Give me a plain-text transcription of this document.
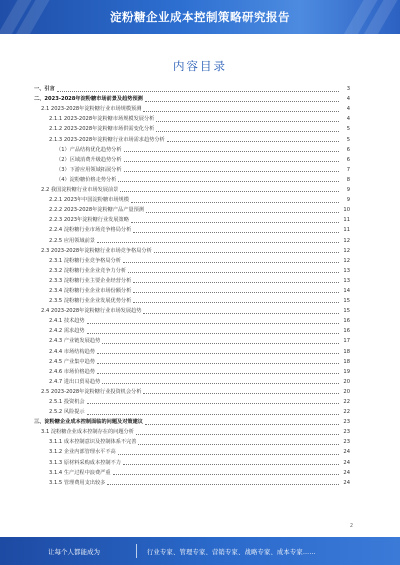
淀粉糖企业成本控制策略研究报告
内容目录
一、引言	3
二、2023-2028年淀粉糖市场前景及趋势预测	4
2.1 2023-2028年淀粉糖行业市场规模预测	4
2.1.1 2023-2028年淀粉糖市场规模发展分析	4
2.1.2 2023-2028年淀粉糖市场供需变化分析	5
2.1.3 2023-2028年淀粉糖行业市场需求趋势分析	5
（1）产品结构优化趋势分析	6
（2）区域消费升级趋势分析	6
（3）下游应用领域拓展分析	7
（4）淀粉糖价格走势分析	8
2.2 我国淀粉糖行业市场发展前景	9
2.2.1 2023年中国淀粉糖市场规模	9
2.2.2 2023-2028年淀粉糖产品产量预测	10
2.2.3 2023年淀粉糖行业发展策略	11
2.2.4 淀粉糖行业市场竞争格局分析	11
2.2.5 应用领域前景	12
2.3 2023-2028年淀粉糖行业市场竞争格局分析	12
2.3.1 淀粉糖行业竞争格局分析	12
2.3.2 淀粉糖行业企业竞争力分析	13
2.3.3 淀粉糖行业主要企业经营分析	13
2.3.4 淀粉糖行业企业市场份额分析	14
2.3.5 淀粉糖行业企业发展优势分析	15
2.4 2023-2028年淀粉糖行业市场发展趋势	15
2.4.1 技术趋势	16
2.4.2 需求趋势	16
2.4.3 产业链发展趋势	17
2.4.4 市场结构趋势	18
2.4.5 产业集中趋势	18
2.4.6 市场价格趋势	19
2.4.7 进出口贸易趋势	20
2.5 2023-2028年淀粉糖行业投资机会分析	20
2.5.1 投资机会	22
2.5.2 风险提示	22
三、淀粉糖企业成本控制面临的问题及对策建议	23
3.1 淀粉糖企业成本控制存在的问题分析	23
3.1.1 成本控制意识及控制体系不完善	23
3.1.2 企业内部管理水平不高	24
3.1.3 原材料采购成本控制不力	24
3.1.4 生产过程中浪费严重	24
3.1.5 管理费用支出较多	24
2
让每个人都能成为	行业专家、管理专家、营销专家、战略专家、成本专家……
